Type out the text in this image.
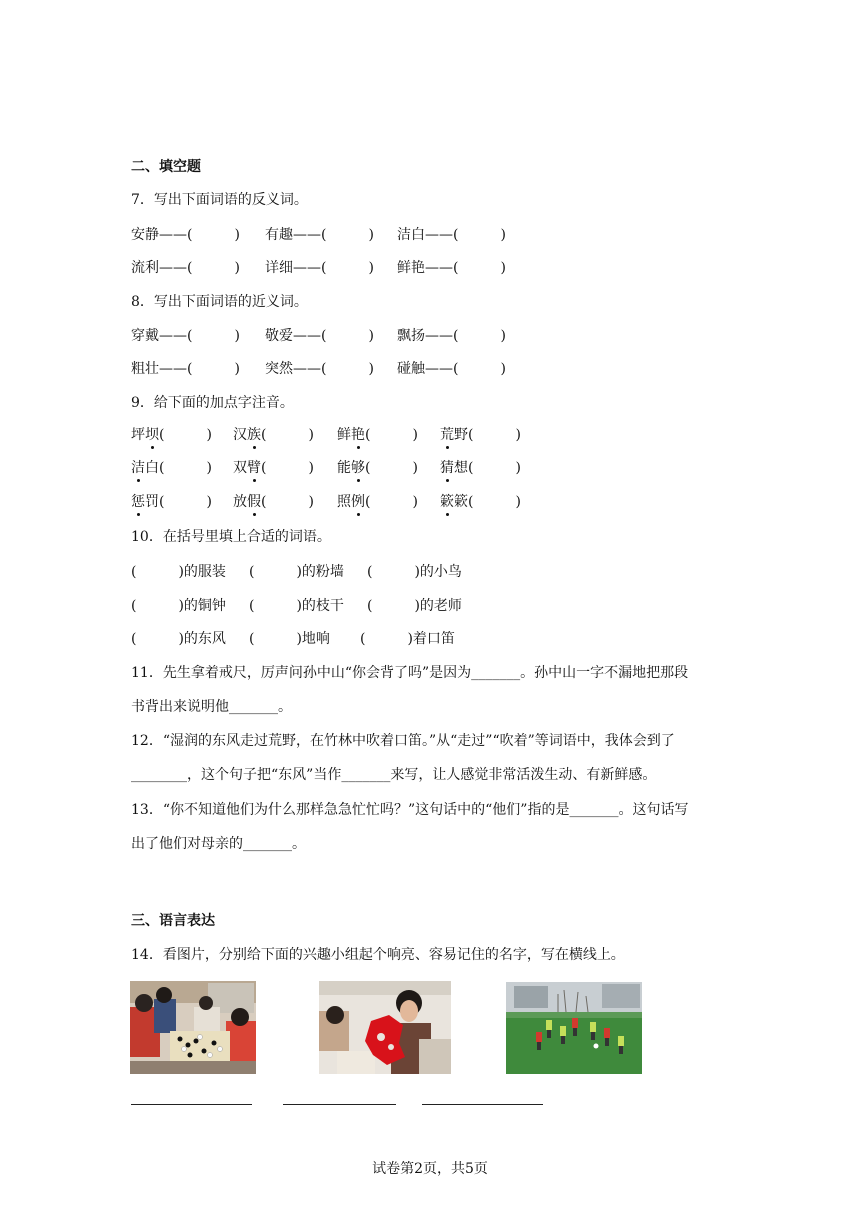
二、填空题
7．写出下面词语的反义词。
安静——(　　　) 有趣——(　　　) 洁白——(　　　)
流利——(　　　) 详细——(　　　) 鲜艳——(　　　)
8．写出下面词语的近义词。
穿戴——(　　　) 敬爱——(　　　) 飘扬——(　　　)
粗壮——(　　　) 突然——(　　　) 碰触——(　　　)
9．给下面的加点字注音。
坪坝(　　　) 汉族(　　　) 鲜艳(　　　) 荒野(　　　)
洁白(　　　) 双臂(　　　) 能够(　　　) 猜想(　　　)
惩罚(　　　) 放假(　　　) 照例(　　　) 簌簌(　　　)
10．在括号里填上合适的词语。
(　　　)的服装 (　　　)的粉墙 (　　　)的小鸟
(　　　)的铜钟 (　　　)的枝干 (　　　)的老师
(　　　)的东风 (　　　)地响 (　　　)着口笛
11．先生拿着戒尺，厉声问孙中山“你会背了吗”是因为_______。孙中山一字不漏地把那段
书背出来说明他_______。
12．“湿润的东风走过荒野，在竹林中吹着口笛。”从“走过”“吹着”等词语中，我体会到了
________，这个句子把“东风”当作_______来写，让人感觉非常活泼生动、有新鲜感。
13．“你不知道他们为什么那样急急忙忙吗？”这句话中的“他们”指的是_______。这句话写
出了他们对母亲的_______。
三、语言表达
14．看图片，分别给下面的兴趣小组起个响亮、容易记住的名字，写在横线上。
试卷第2页，共5页
